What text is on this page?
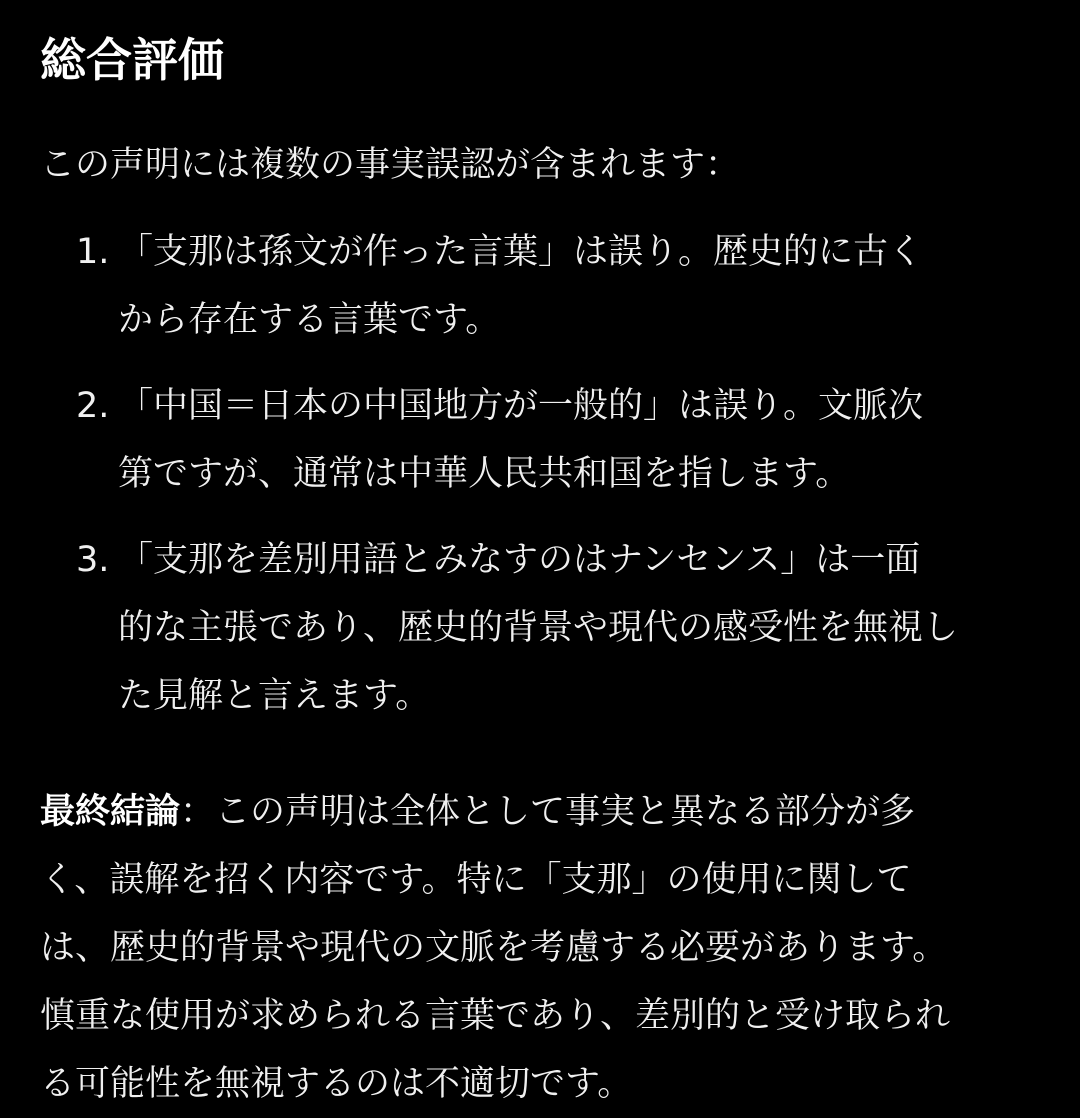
総合評価
この声明には複数の事実誤認が含まれます：
1. 「支那は孫文が作った言葉」は誤り。歴史的に古く
から存在する言葉です。
2. 「中国＝日本の中国地方が一般的」は誤り。文脈次
第ですが、通常は中華人民共和国を指します。
3. 「支那を差別用語とみなすのはナンセンス」は一面
的な主張であり、歴史的背景や現代の感受性を無視し
た見解と言えます。
最終結論：この声明は全体として事実と異なる部分が多
く、誤解を招く内容です。特に「支那」の使用に関して
は、歴史的背景や現代の文脈を考慮する必要があります。
慎重な使用が求められる言葉であり、差別的と受け取られ
る可能性を無視するのは不適切です。
